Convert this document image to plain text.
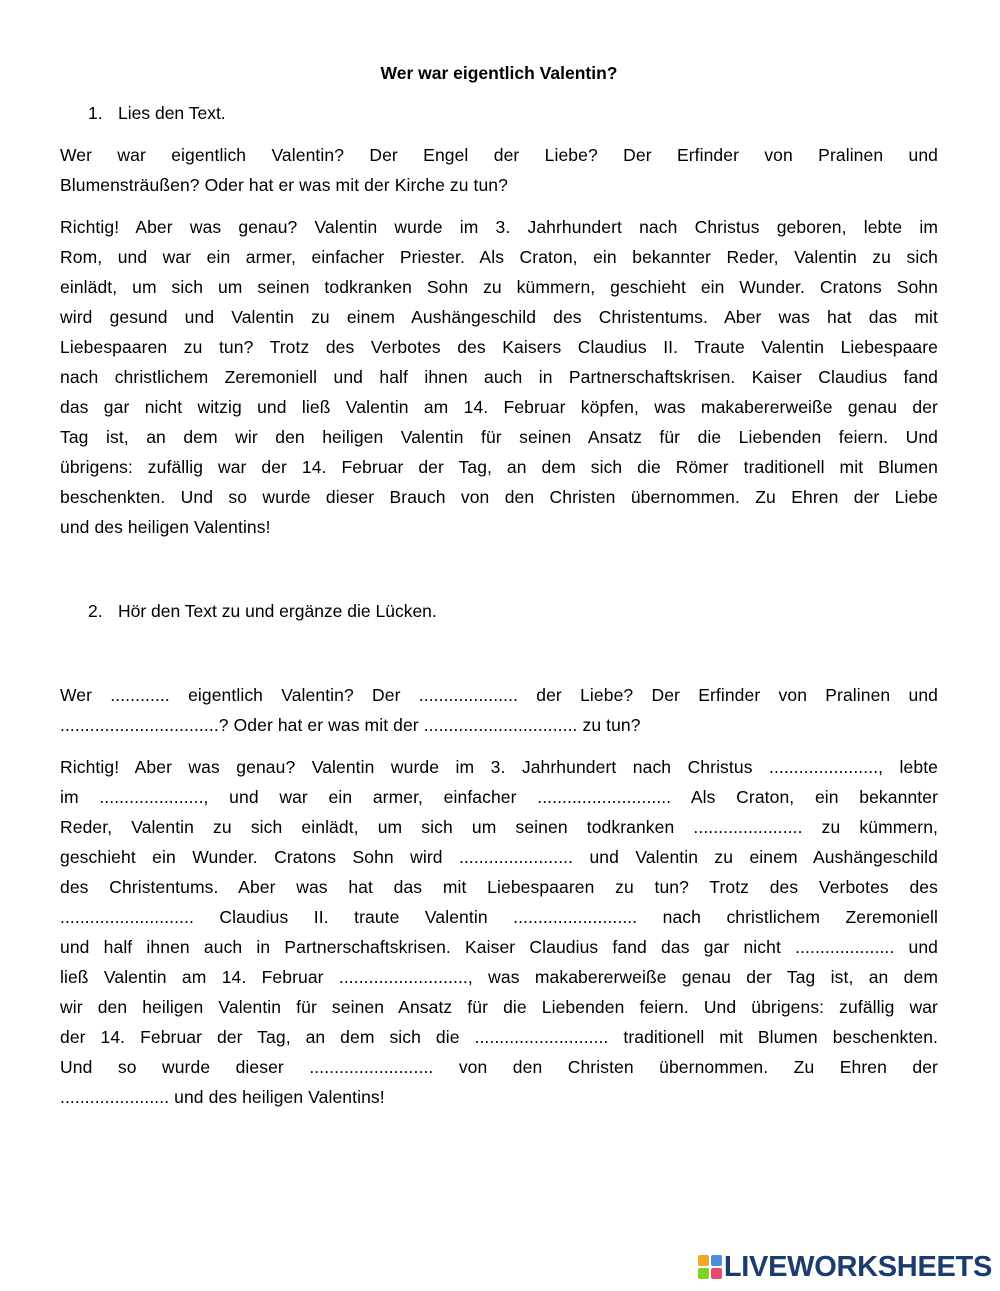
Wer war eigentlich Valentin?

1. Lies den Text.

Wer war eigentlich Valentin? Der Engel der Liebe? Der Erfinder von Pralinen und
Blumensträußen? Oder hat er was mit der Kirche zu tun?

Richtig! Aber was genau? Valentin wurde im 3. Jahrhundert nach Christus geboren, lebte im
Rom, und war ein armer, einfacher Priester. Als Craton, ein bekannter Reder, Valentin zu sich
einlädt, um sich um seinen todkranken Sohn zu kümmern, geschieht ein Wunder. Cratons Sohn
wird gesund und Valentin zu einem Aushängeschild des Christentums. Aber was hat das mit
Liebespaaren zu tun? Trotz des Verbotes des Kaisers Claudius II. Traute Valentin Liebespaare
nach christlichem Zeremoniell und half ihnen auch in Partnerschaftskrisen. Kaiser Claudius fand
das gar nicht witzig und ließ Valentin am 14. Februar köpfen, was makabererweiße genau der
Tag ist, an dem wir den heiligen Valentin für seinen Ansatz für die Liebenden feiern. Und
übrigens: zufällig war der 14. Februar der Tag, an dem sich die Römer traditionell mit Blumen
beschenkten. Und so wurde dieser Brauch von den Christen übernommen. Zu Ehren der Liebe
und des heiligen Valentins!

2. Hör den Text zu und ergänze die Lücken.

Wer ............ eigentlich Valentin? Der .................... der Liebe? Der Erfinder von Pralinen und
................................? Oder hat er was mit der ............................... zu tun?

Richtig! Aber was genau? Valentin wurde im 3. Jahrhundert nach Christus ......................, lebte
im ....................., und war ein armer, einfacher ........................... Als Craton, ein bekannter
Reder, Valentin zu sich einlädt, um sich um seinen todkranken ...................... zu kümmern,
geschieht ein Wunder. Cratons Sohn wird ....................... und Valentin zu einem Aushängeschild
des Christentums. Aber was hat das mit Liebespaaren zu tun? Trotz des Verbotes des
........................... Claudius II. traute Valentin ......................... nach christlichem Zeremoniell
und half ihnen auch in Partnerschaftskrisen. Kaiser Claudius fand das gar nicht .................... und
ließ Valentin am 14. Februar .........................., was makabererweiße genau der Tag ist, an dem
wir den heiligen Valentin für seinen Ansatz für die Liebenden feiern. Und übrigens: zufällig war
der 14. Februar der Tag, an dem sich die ........................... traditionell mit Blumen beschenkten.
Und so wurde dieser ......................... von den Christen übernommen. Zu Ehren der
...................... und des heiligen Valentins!

LIVEWORKSHEETS
